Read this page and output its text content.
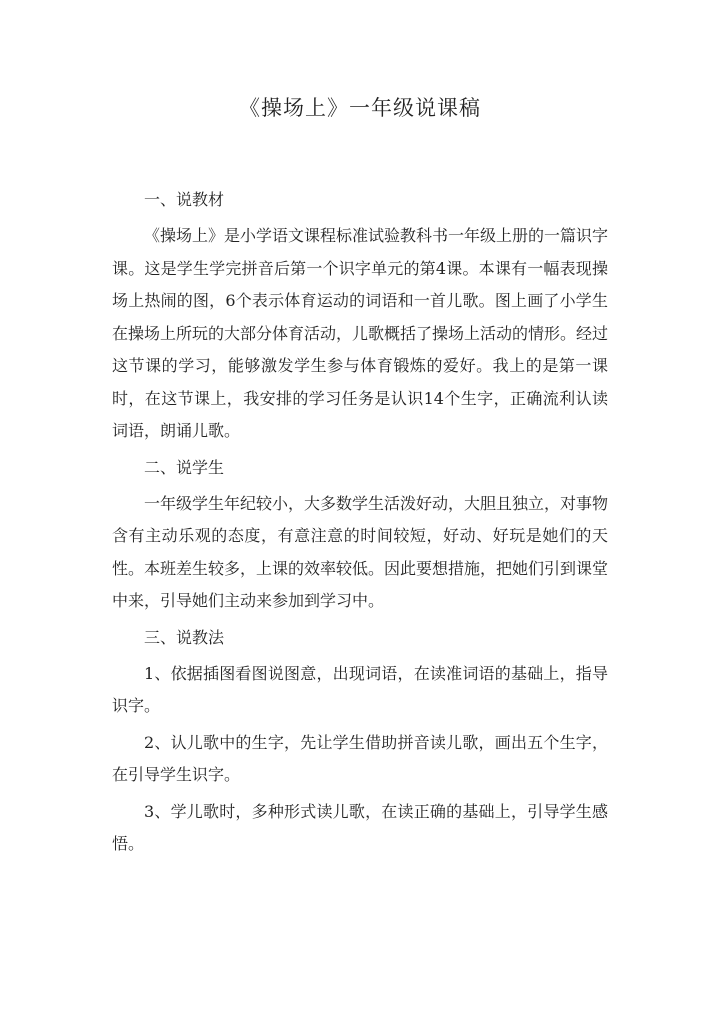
《操场上》一年级说课稿

一、说教材

《操场上》是小学语文课程标准试验教科书一年级上册的一篇识字课。这是学生学完拼音后第一个识字单元的第4课。本课有一幅表现操场上热闹的图，6个表示体育运动的词语和一首儿歌。图上画了小学生在操场上所玩的大部分体育活动，儿歌概括了操场上活动的情形。经过这节课的学习，能够激发学生参与体育锻炼的爱好。我上的是第一课时，在这节课上，我安排的学习任务是认识14个生字，正确流利认读词语，朗诵儿歌。

二、说学生

一年级学生年纪较小，大多数学生活泼好动，大胆且独立，对事物含有主动乐观的态度，有意注意的时间较短，好动、好玩是她们的天性。本班差生较多，上课的效率较低。因此要想措施，把她们引到课堂中来，引导她们主动来参加到学习中。

三、说教法

1、依据插图看图说图意，出现词语，在读准词语的基础上，指导识字。

2、认儿歌中的生字，先让学生借助拼音读儿歌，画出五个生字，在引导学生识字。

3、学儿歌时，多种形式读儿歌，在读正确的基础上，引导学生感悟。
